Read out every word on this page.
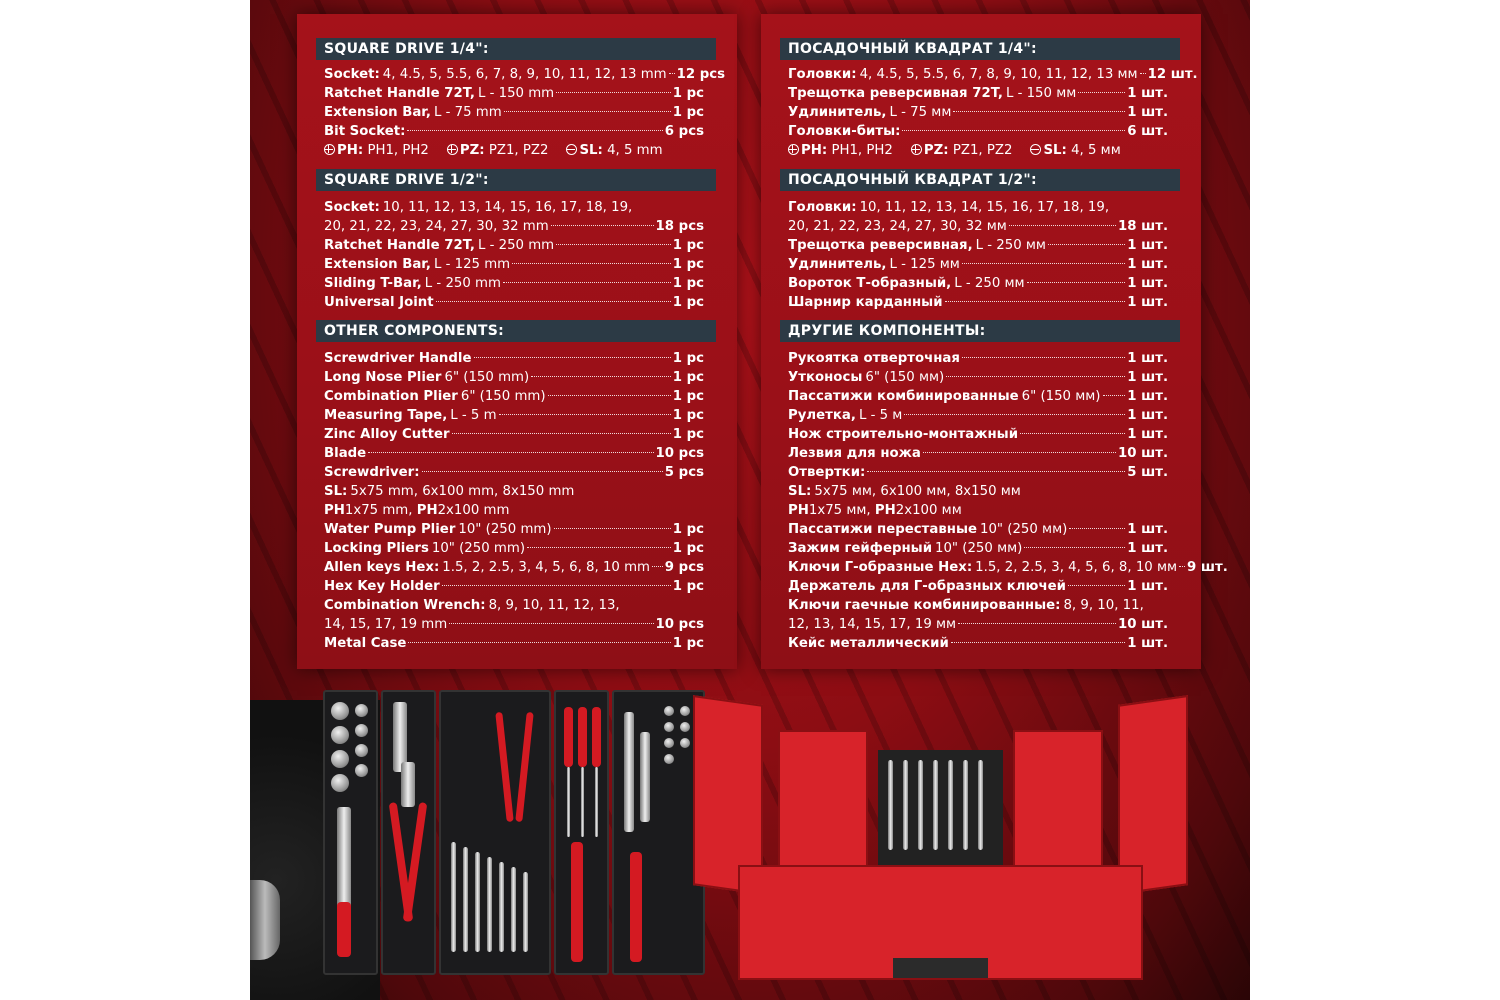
SQUARE DRIVE 1/4":
Socket: 4, 4.5, 5, 5.5, 6, 7, 8, 9, 10, 11, 12, 13 mm 12 pcs
Ratchet Handle 72T, L - 150 mm	1 pc
Extension Bar, L - 75 mm	1 pc
Bit Socket:	6 pcs
PH: PH1, PH2	PZ: PZ1, PZ2	SL: 4, 5 mm
SQUARE DRIVE 1/2":
Socket: 10, 11, 12, 13, 14, 15, 16, 17, 18, 19,
20, 21, 22, 23, 24, 27, 30, 32 mm	18 pcs
Ratchet Handle 72T, L - 250 mm	1 pc
Extension Bar, L - 125 mm	1 pc
Sliding T-Bar, L - 250 mm	1 pc
Universal Joint	1 pc
OTHER COMPONENTS:
Screwdriver Handle	1 pc
Long Nose Plier 6" (150 mm)	1 pc
Combination Plier 6" (150 mm)	1 pc
Measuring Tape, L - 5 m	1 pc
Zinc Alloy Cutter	1 pc
Blade	10 pcs
Screwdriver:	5 pcs
SL: 5x75 mm, 6x100 mm, 8x150 mm
PH 1x75 mm,
PH 2x100 mm
Water Pump Plier 10" (250 mm)	1 pc
Locking Pliers 10" (250 mm)	1 pc
Allen keys Hex: 1.5, 2, 2.5, 3, 4, 5, 6, 8, 10 mm 9 pcs
Hex Key Holder	1 pc
Combination Wrench: 8, 9, 10, 11, 12, 13,
14, 15, 17, 19 mm	10 pcs
Metal Case	1 pc
ПОСАДОЧНЫЙ КВАДРАТ 1/4":
Головки: 4, 4.5, 5, 5.5, 6, 7, 8, 9, 10, 11, 12, 13 мм 12 шт.
Трещотка реверсивная 72T, L - 150 мм	1 шт.
Удлинитель, L - 75 мм	1 шт.
Головки-биты:	6 шт.
PH: PH1, PH2	PZ: PZ1, PZ2	SL: 4, 5 мм
ПОСАДОЧНЫЙ КВАДРАТ 1/2":
Головки: 10, 11, 12, 13, 14, 15, 16, 17, 18, 19,
20, 21, 22, 23, 24, 27, 30, 32 мм	18 шт.
Трещотка реверсивная, L - 250 мм	1 шт.
Удлинитель, L - 125 мм	1 шт.
Вороток Т-образный, L - 250 мм	1 шт.
Шарнир карданный	1 шт.
ДРУГИЕ КОМПОНЕНТЫ:
Рукоятка отверточная	1 шт.
Утконосы 6" (150 мм)	1 шт.
Пассатижи комбинированные 6" (150 мм) 1 шт.
Рулетка, L - 5 м	1 шт.
Нож строительно-монтажный	1 шт.
Лезвия для ножа	10 шт.
Отвертки:	5 шт.
SL: 5x75 мм, 6x100 мм, 8x150 мм
PH 1x75 мм,
PH 2x100 мм
Пассатижи переставные 10" (250 мм)	1 шт.
Зажим гейферный 10" (250 мм)	1 шт.
Ключи Г-образные Hex: 1.5, 2, 2.5, 3, 4, 5, 6, 8, 10 мм 9 шт.
Держатель для Г-образных ключей	1 шт.
Ключи гаечные комбинированные: 8, 9, 10, 11,
12, 13, 14, 15, 17, 19 мм	10 шт.
Кейс металлический	1 шт.
